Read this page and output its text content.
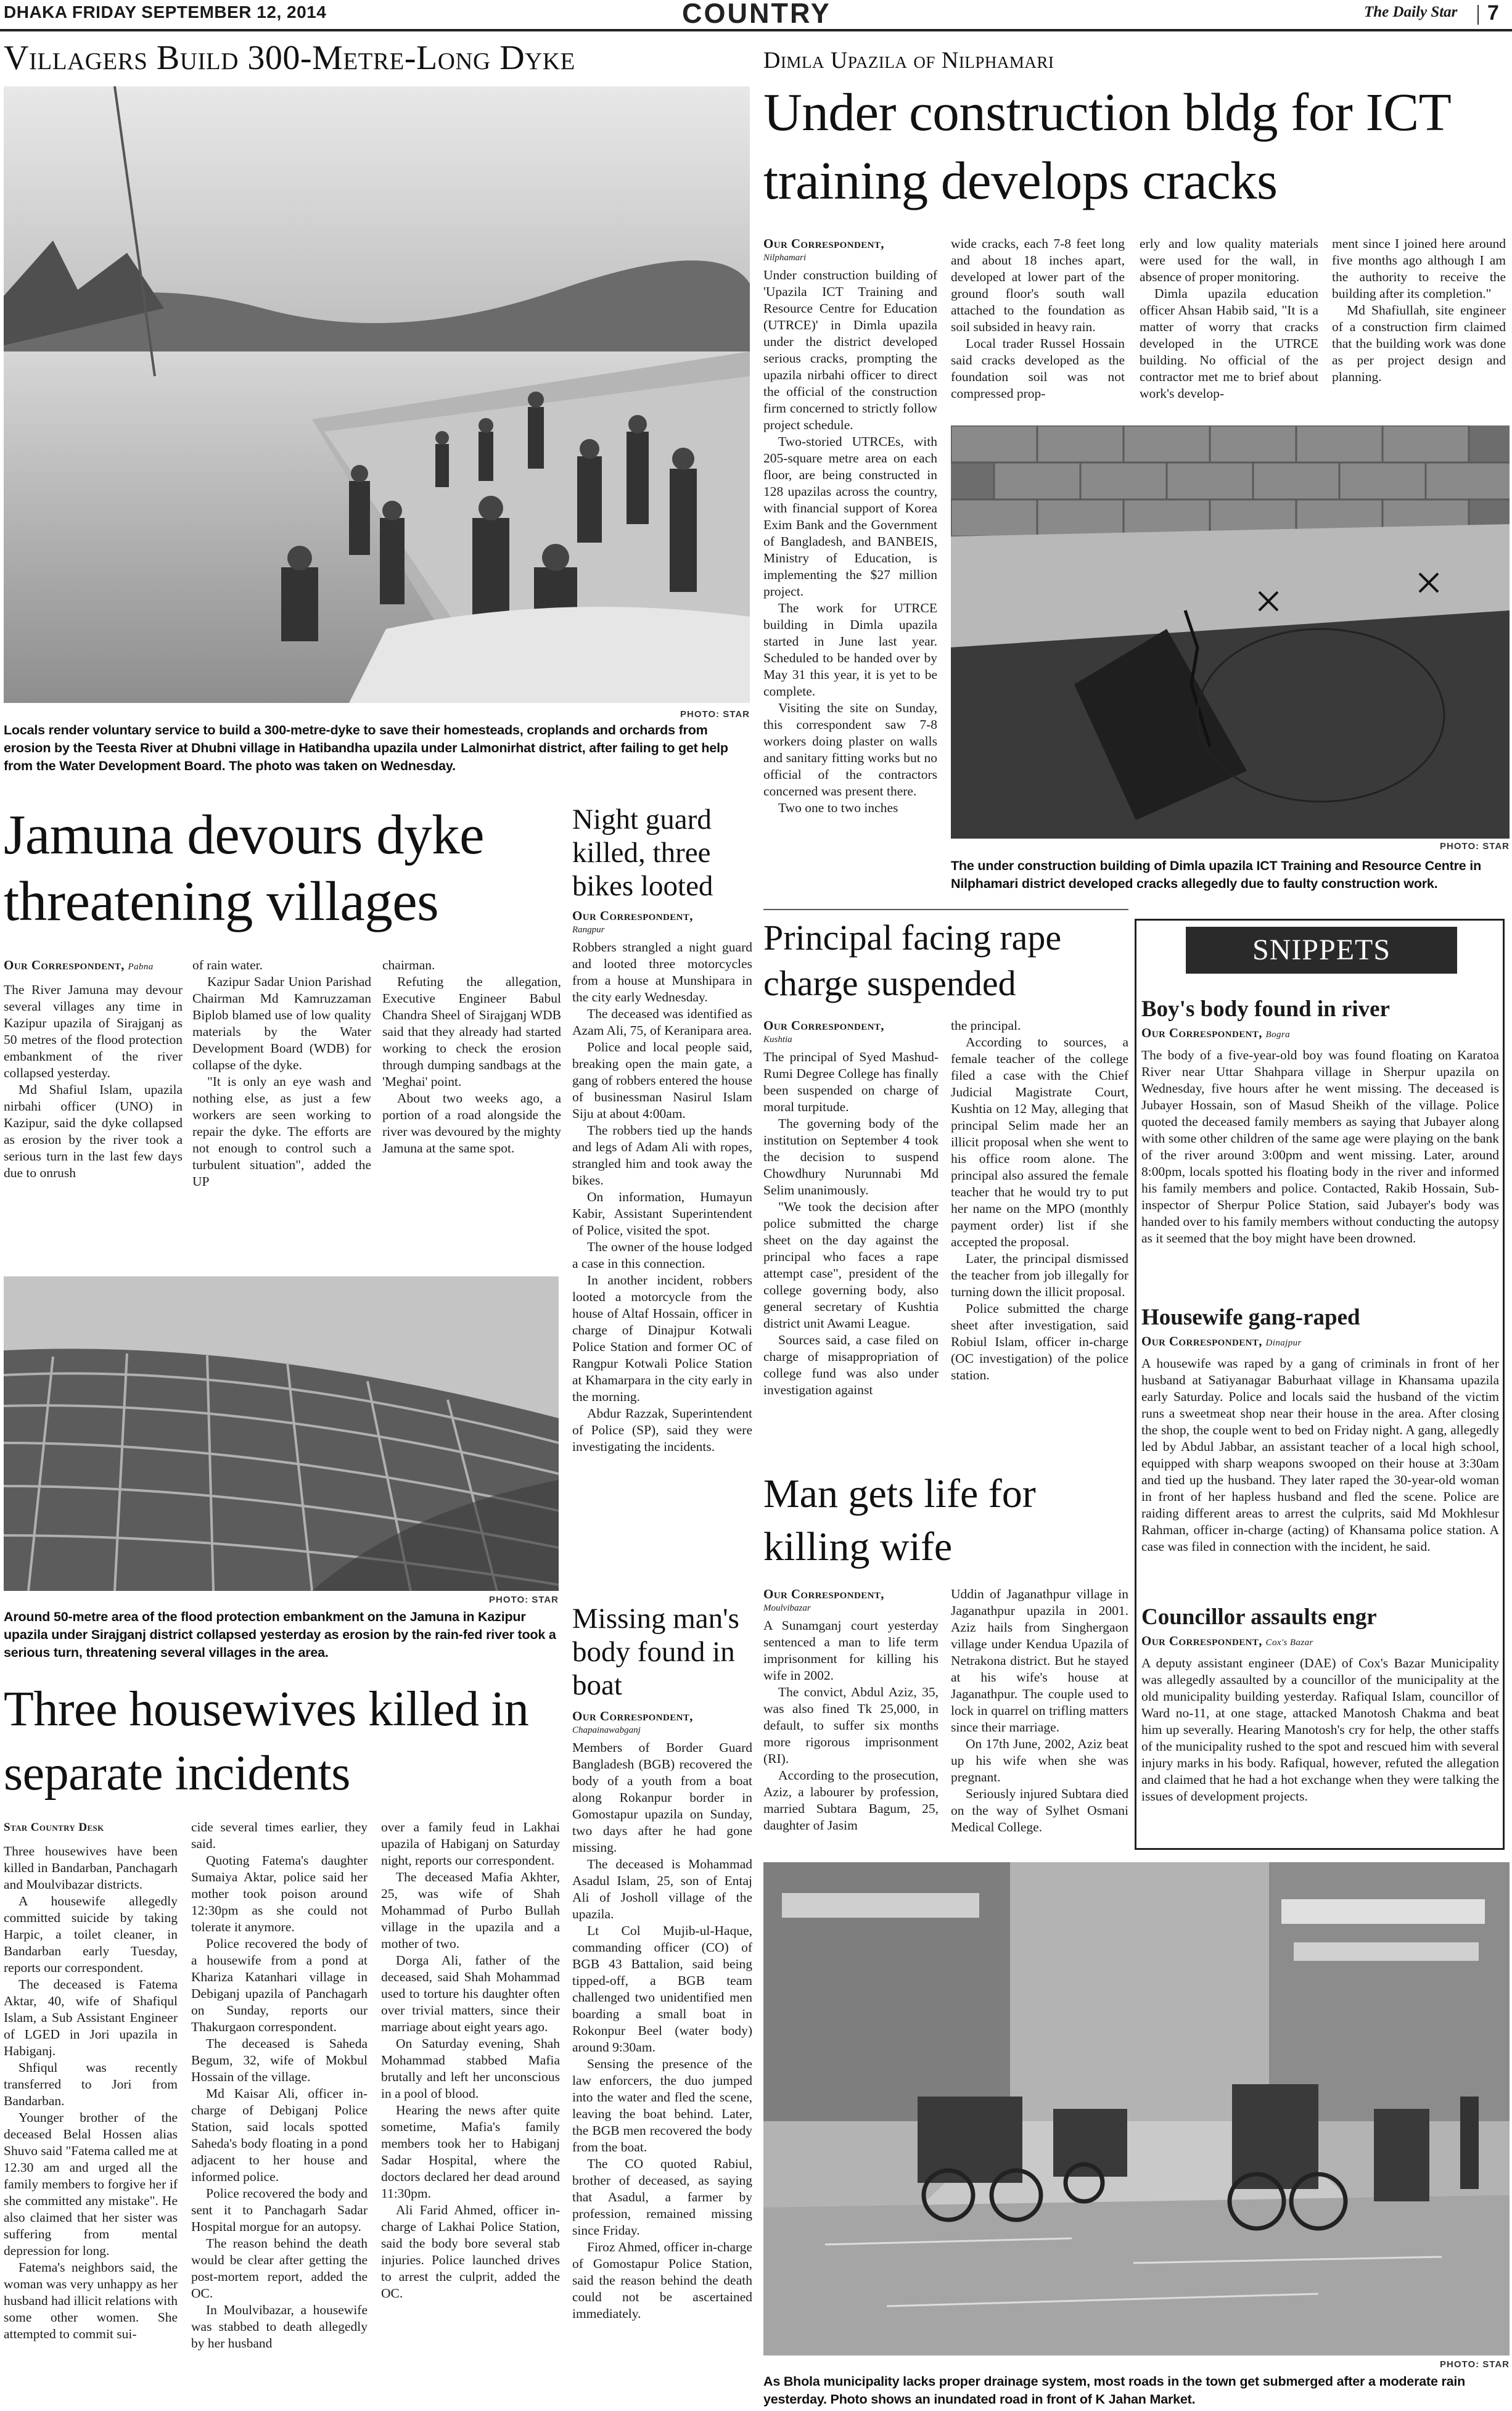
DHAKA FRIDAY SEPTEMBER 12, 2014	COUNTRY	The Daily Star 7
Villagers Build 300-Metre-Long Dyke
PHOTO: STAR
Locals render voluntary service to build a 300-metre-dyke to save their homesteads, croplands and orchards from erosion by the Teesta River at Dhubni village in Hatibandha upazila under Lalmonirhat district, after failing to get help from the Water Development Board. The photo was taken on Wednesday.
Dimla Upazila of Nilphamari
Under construction bldg for ICT training develops cracks
Our Correspondent,
Nilphamari

Under construction building of 'Upazila ICT Training and Resource Centre for Education (UTRCE)' in Dimla upazila under the district developed serious cracks, prompting the upazila nirbahi officer to direct the official of the construction firm concerned to strictly follow project schedule.

Two-storied UTRCEs, with 205-square metre area on each floor, are being constructed in 128 upazilas across the country, with financial support of Korea Exim Bank and the Government of Bangladesh, and BANBEIS, Ministry of Education, is implementing the $27 million project.

The work for UTRCE building in Dimla upazila started in June last year. Scheduled to be handed over by May 31 this year, it is yet to be complete.

Visiting the site on Sunday, this correspondent saw 7-8 workers doing plaster on walls and sanitary fitting works but no official of the contractors concerned was present there.

Two one to two inches

wide cracks, each 7-8 feet long and about 18 inches apart, developed at lower part of the ground floor's south wall attached to the foundation as soil subsided in heavy rain.

Local trader Russel Hossain said cracks developed as the foundation soil was not compressed prop-

erly and low quality materials were used for the wall, in absence of proper monitoring.

Dimla upazila education officer Ahsan Habib said, "It is a matter of worry that cracks developed in the UTRCE building. No official of the contractor met me to brief about work's develop-

ment since I joined here around five months ago although I am the authority to receive the building after its completion."

Md Shafiullah, site engineer of a construction firm claimed that the building work was done as per project design and planning.

PHOTO: STAR
The under construction building of Dimla upazila ICT Training and Resource Centre in Nilphamari district developed cracks allegedly due to faulty construction work.
Jamuna devours dyke threatening villages
Our Correspondent, Pabna

The River Jamuna may devour several villages any time in Kazipur upazila of Sirajganj as 50 metres of the flood protection embankment of the river collapsed yesterday.

Md Shafiul Islam, upazila nirbahi officer (UNO) in Kazipur, said the dyke collapsed as erosion by the river took a serious turn in the last few days due to onrush

of rain water.

Kazipur Sadar Union Parishad Chairman Md Kamruzzaman Biplob blamed use of low quality materials by the Water Development Board (WDB) for collapse of the dyke.

"It is only an eye wash and nothing else, as just a few workers are seen working to repair the dyke. The efforts are not enough to control such a turbulent situation", added the UP

chairman.

Refuting the allegation, Executive Engineer Babul Chandra Sheel of Sirajganj WDB said that they already had started working to check the erosion through dumping sandbags at the 'Meghai' point.

About two weeks ago, a portion of a road alongside the river was devoured by the mighty Jamuna at the same spot.

PHOTO: STAR
Around 50-metre area of the flood protection embankment on the Jamuna in Kazipur upazila under Sirajganj district collapsed yesterday as erosion by the rain-fed river took a serious turn, threatening several villages in the area.
Night guard killed, three bikes looted
Our Correspondent,
Rangpur

Robbers strangled a night guard and looted three motorcycles from a house at Munshipara in the city early Wednesday.

The deceased was identified as Azam Ali, 75, of Keranipara area.

Police and local people said, breaking open the main gate, a gang of robbers entered the house of businessman Nasirul Islam Siju at about 4:00am.

The robbers tied up the hands and legs of Adam Ali with ropes, strangled him and took away the bikes.

On information, Humayun Kabir, Assistant Superintendent of Police, visited the spot.

The owner of the house lodged a case in this connection.

In another incident, robbers looted a motorcycle from the house of Altaf Hossain, officer in charge of Dinajpur Kotwali Police Station and former OC of Rangpur Kotwali Police Station at Khamarpara in the city early in the morning.

Abdur Razzak, Superintendent of Police (SP), said they were investigating the incidents.

Principal facing rape charge suspended
Our Correspondent,
Kushtia

The principal of Syed Mashud-Rumi Degree College has finally been suspended on charge of moral turpitude.

The governing body of the institution on September 4 took the decision to suspend Chowdhury Nurunnabi Md Selim unanimously.

"We took the decision after police submitted the charge sheet on the day against the principal who faces a rape attempt case", president of the college governing body, also general secretary of Kushtia district unit Awami League.

Sources said, a case filed on charge of misappropriation of college fund was also under investigation against

the principal.

According to sources, a female teacher of the college filed a case with the Chief Judicial Magistrate Court, Kushtia on 12 May, alleging that principal Selim made her an illicit proposal when she went to his office room alone. The principal also assured the female teacher that he would try to put her name on the MPO (monthly payment order) list if she accepted the proposal.

Later, the principal dismissed the teacher from job illegally for turning down the illicit proposal.

Police submitted the charge sheet after investigation, said Robiul Islam, officer in-charge (OC investigation) of the police station.

SNIPPETS
Boy's body found in river
Our Correspondent, Bogra
The body of a five-year-old boy was found floating on Karatoa River near Uttar Shahpara village in Sherpur upazila on Wednesday, five hours after he went missing. The deceased is Jubayer Hossain, son of Masud Sheikh of the village. Police quoted the deceased family members as saying that Jubayer along with some other children of the same age were playing on the bank of the river around 3:00pm and went missing. Later, around 8:00pm, locals spotted his floating body in the river and informed his family members and police. Contacted, Rakib Hossain, Sub-inspector of Sherpur Police Station, said Jubayer's body was handed over to his family members without conducting the autopsy as it seemed that the boy might have been drowned.
Housewife gang-raped
Our Correspondent, Dinajpur
A housewife was raped by a gang of criminals in front of her husband at Satiyanagar Baburhaat village in Khansama upazila early Saturday. Police and locals said the husband of the victim runs a sweetmeat shop near their house in the area. After closing the shop, the couple went to bed on Friday night. A gang, allegedly led by Abdul Jabbar, an assistant teacher of a local high school, equipped with sharp weapons swooped on their house at 3:30am and tied up the husband. They later raped the 30-year-old woman in front of her hapless husband and fled the scene. Police are raiding different areas to arrest the culprits, said Md Mokhlesur Rahman, officer in-charge (acting) of Khansama police station. A case was filed in connection with the incident, he said.
Councillor assaults engr
Our Correspondent, Cox's Bazar
A deputy assistant engineer (DAE) of Cox's Bazar Municipality was allegedly assaulted by a councillor of the municipality at the old municipality building yesterday. Rafiqual Islam, councillor of Ward no-11, at one stage, attacked Manotosh Chakma and beat him up severally. Hearing Manotosh's cry for help, the other staffs of the municipality rushed to the spot and rescued him with several injury marks in his body. Rafiqual, however, refuted the allegation and claimed that he had a hot exchange when they were talking the issues of development projects.
Man gets life for killing wife
Our Correspondent,
Moulvibazar

A Sunamganj court yesterday sentenced a man to life term imprisonment for killing his wife in 2002.

The convict, Abdul Aziz, 35, was also fined Tk 25,000, in default, to suffer six months more rigorous imprisonment (RI).

According to the prosecution, Aziz, a labourer by profession, married Subtara Bagum, 25, daughter of Jasim

Uddin of Jaganathpur village in Jaganathpur upazila in 2001. Aziz hails from Singhergaon village under Kendua Upazila of Netrakona district. But he stayed at his wife's house at Jaganathpur. The couple used to lock in quarrel on trifling matters since their marriage.

On 17th June, 2002, Aziz beat up his wife when she was pregnant.

Seriously injured Subtara died on the way of Sylhet Osmani Medical College.

Missing man's body found in boat
Our Correspondent,
Chapainawabganj

Members of Border Guard Bangladesh (BGB) recovered the body of a youth from a boat along Rokanpur border in Gomostapur upazila on Sunday, two days after he had gone missing.

The deceased is Mohammad Asadul Islam, 25, son of Entaj Ali of Josholl village of the upazila.

Lt Col Mujib-ul-Haque, commanding officer (CO) of BGB 43 Battalion, said being tipped-off, a BGB team challenged two unidentified men boarding a small boat in Rokonpur Beel (water body) around 9:30am.

Sensing the presence of the law enforcers, the duo jumped into the water and fled the scene, leaving the boat behind. Later, the BGB men recovered the body from the boat.

The CO quoted Rabiul, brother of deceased, as saying that Asadul, a farmer by profession, remained missing since Friday.

Firoz Ahmed, officer in-charge of Gomostapur Police Station, said the reason behind the death could not be ascertained immediately.

Three housewives killed in separate incidents
Star Country Desk

Three housewives have been killed in Bandarban, Panchagarh and Moulvibazar districts.

A housewife allegedly committed suicide by taking Harpic, a toilet cleaner, in Bandarban early Tuesday, reports our correspondent.

The deceased is Fatema Aktar, 40, wife of Shafiqul Islam, a Sub Assistant Engineer of LGED in Jori upazila in Habiganj.

Shfiqul was recently transferred to Jori from Bandarban.

Younger brother of the deceased Belal Hossen alias Shuvo said "Fatema called me at 12.30 am and urged all the family members to forgive her if she committed any mistake". He also claimed that her sister was suffering from mental depression for long.

Fatema's neighbors said, the woman was very unhappy as her husband had illicit relations with some other women. She attempted to commit sui-

cide several times earlier, they said.

Quoting Fatema's daughter Sumaiya Aktar, police said her mother took poison around 12:30pm as she could not tolerate it anymore.

Police recovered the body of a housewife from a pond at Khariza Katanhari village in Debiganj upazila of Panchagarh on Sunday, reports our Thakurgaon correspondent.

The deceased is Saheda Begum, 32, wife of Mokbul Hossain of the village.

Md Kaisar Ali, officer in-charge of Debiganj Police Station, said locals spotted Saheda's body floating in a pond adjacent to her house and informed police.

Police recovered the body and sent it to Panchagarh Sadar Hospital morgue for an autopsy.

The reason behind the death would be clear after getting the post-mortem report, added the OC.

In Moulvibazar, a housewife was stabbed to death allegedly by her husband

over a family feud in Lakhai upazila of Habiganj on Saturday night, reports our correspondent.

The deceased Mafia Akhter, 25, was wife of Shah Mohammad of Purbo Bullah village in the upazila and a mother of two.

Dorga Ali, father of the deceased, said Shah Mohammad used to torture his daughter often over trivial matters, since their marriage about eight years ago.

On Saturday evening, Shah Mohammad stabbed Mafia brutally and left her unconscious in a pool of blood.

Hearing the news after quite sometime, Mafia's family members took her to Habiganj Sadar Hospital, where the doctors declared her dead around 11:30pm.

Ali Farid Ahmed, officer in-charge of Lakhai Police Station, said the body bore several stab injuries. Police launched drives to arrest the culprit, added the OC.

PHOTO: STAR
As Bhola municipality lacks proper drainage system, most roads in the town get submerged after a moderate rain yesterday. Photo shows an inundated road in front of K Jahan Market.
